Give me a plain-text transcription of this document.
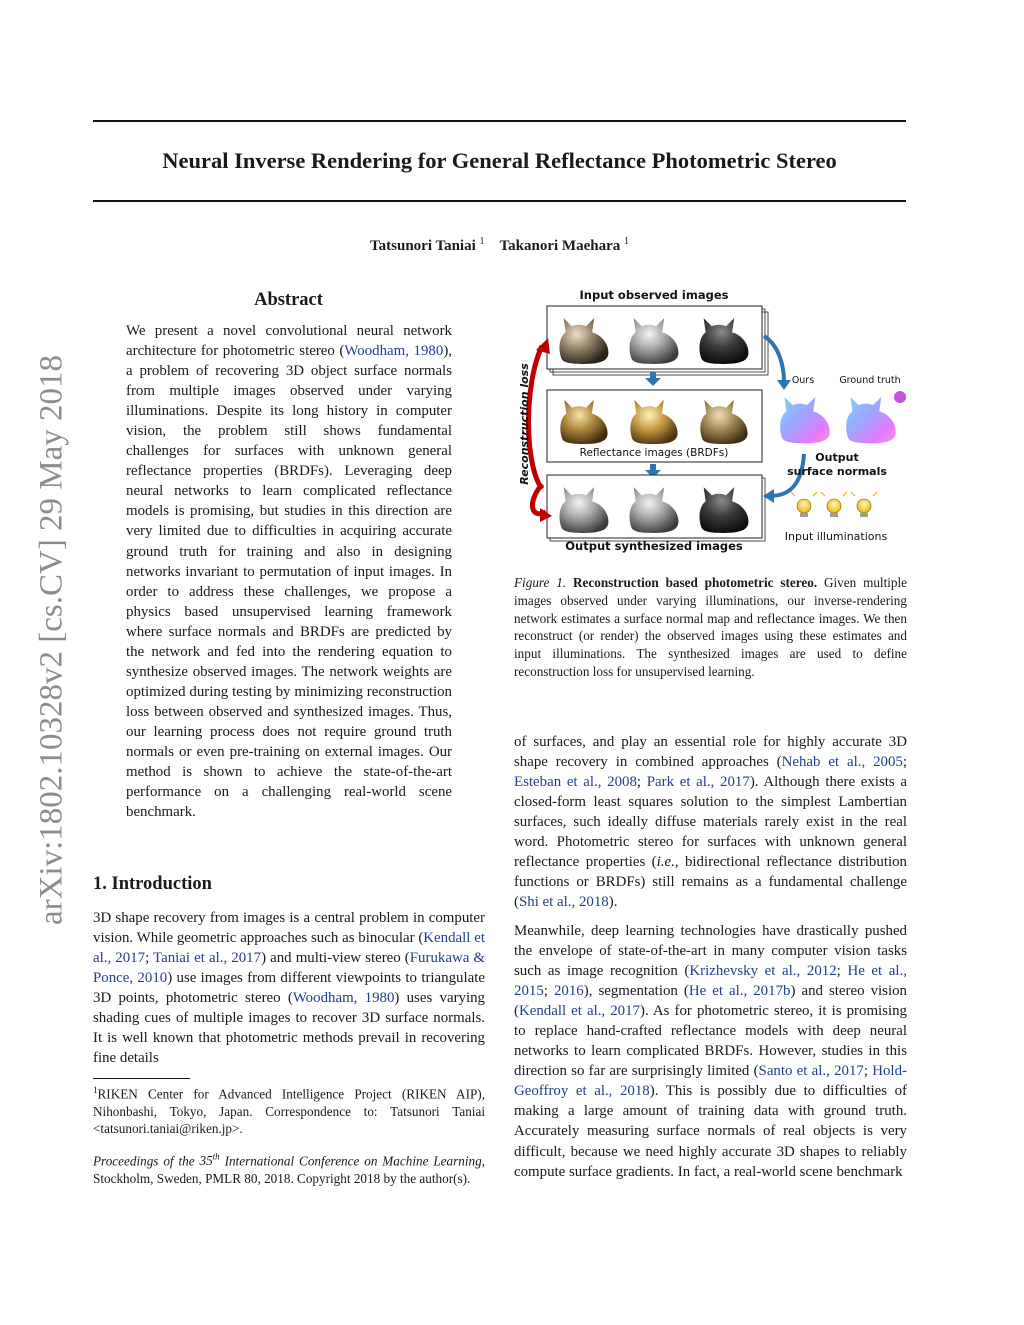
arXiv:1802.10328v2 [cs.CV] 29 May 2018
Neural Inverse Rendering for General Reflectance Photometric Stereo
Tatsunori Taniai $^1$ Takanori Maehara $^1$
Abstract
We present a novel convolutional neural network architecture for photometric stereo (Woodham, 1980), a problem of recovering 3D object surface normals from multiple images observed under varying illuminations. Despite its long history in computer vision, the problem still shows fundamental challenges for surfaces with unknown general reflectance properties (BRDFs). Leveraging deep neural networks to learn complicated reflectance models is promising, but studies in this direction are very limited due to difficulties in acquiring accurate ground truth for training and also in designing networks invariant to permutation of input images. In order to address these challenges, we propose a physics based unsupervised learning framework where surface normals and BRDFs are predicted by the network and fed into the rendering equation to synthesize observed images. The network weights are optimized during testing by minimizing reconstruction loss between observed and synthesized images. Thus, our learning process does not require ground truth normals or even pre-training on external images. Our method is shown to achieve the state-of-the-art performance on a challenging real-world scene benchmark.
1. Introduction
3D shape recovery from images is a central problem in computer vision. While geometric approaches such as binocular (Kendall et al., 2017; Taniai et al., 2017) and multi-view stereo (Furukawa & Ponce, 2010) use images from different viewpoints to triangulate 3D points, photometric stereo (Woodham, 1980) uses varying shading cues of multiple images to recover 3D surface normals. It is well known that photometric methods prevail in recovering fine details
$^1$RIKEN Center for Advanced Intelligence Project (RIKEN AIP), Nihonbashi, Tokyo, Japan. Correspondence to: Tatsunori Taniai <tatsunori.taniai@riken.jp>.
Proceedings of the 35th International Conference on Machine Learning, Stockholm, Sweden, PMLR 80, 2018. Copyright 2018 by the author(s).
Input observed images
Reflectance images (BRDFs)
Output synthesized images
Reconstruction loss	Ours	Ground truth
Output
surface normals
Input illuminations
Figure 1. Reconstruction based photometric stereo. Given multiple images observed under varying illuminations, our inverse-rendering network estimates a surface normal map and reflectance images. We then reconstruct (or render) the observed images using these estimates and input illuminations. The synthesized images are used to define reconstruction loss for unsupervised learning.
of surfaces, and play an essential role for highly accurate 3D shape recovery in combined approaches (Nehab et al., 2005; Esteban et al., 2008; Park et al., 2017). Although there exists a closed-form least squares solution to the simplest Lambertian surfaces, such ideally diffuse materials rarely exist in the real word. Photometric stereo for surfaces with unknown general reflectance properties (i.e., bidirectional reflectance distribution functions or BRDFs) still remains as a fundamental challenge (Shi et al., 2018).
Meanwhile, deep learning technologies have drastically pushed the envelope of state-of-the-art in many computer vision tasks such as image recognition (Krizhevsky et al., 2012; He et al., 2015; 2016), segmentation (He et al., 2017b) and stereo vision (Kendall et al., 2017). As for photometric stereo, it is promising to replace hand-crafted reflectance models with deep neural networks to learn complicated BRDFs. However, studies in this direction so far are surprisingly limited (Santo et al., 2017; Hold-Geoffroy et al., 2018). This is possibly due to difficulties of making a large amount of training data with ground truth. Accurately measuring surface normals of real objects is very difficult, because we need highly accurate 3D shapes to reliably compute surface gradients. In fact, a real-world scene benchmark
